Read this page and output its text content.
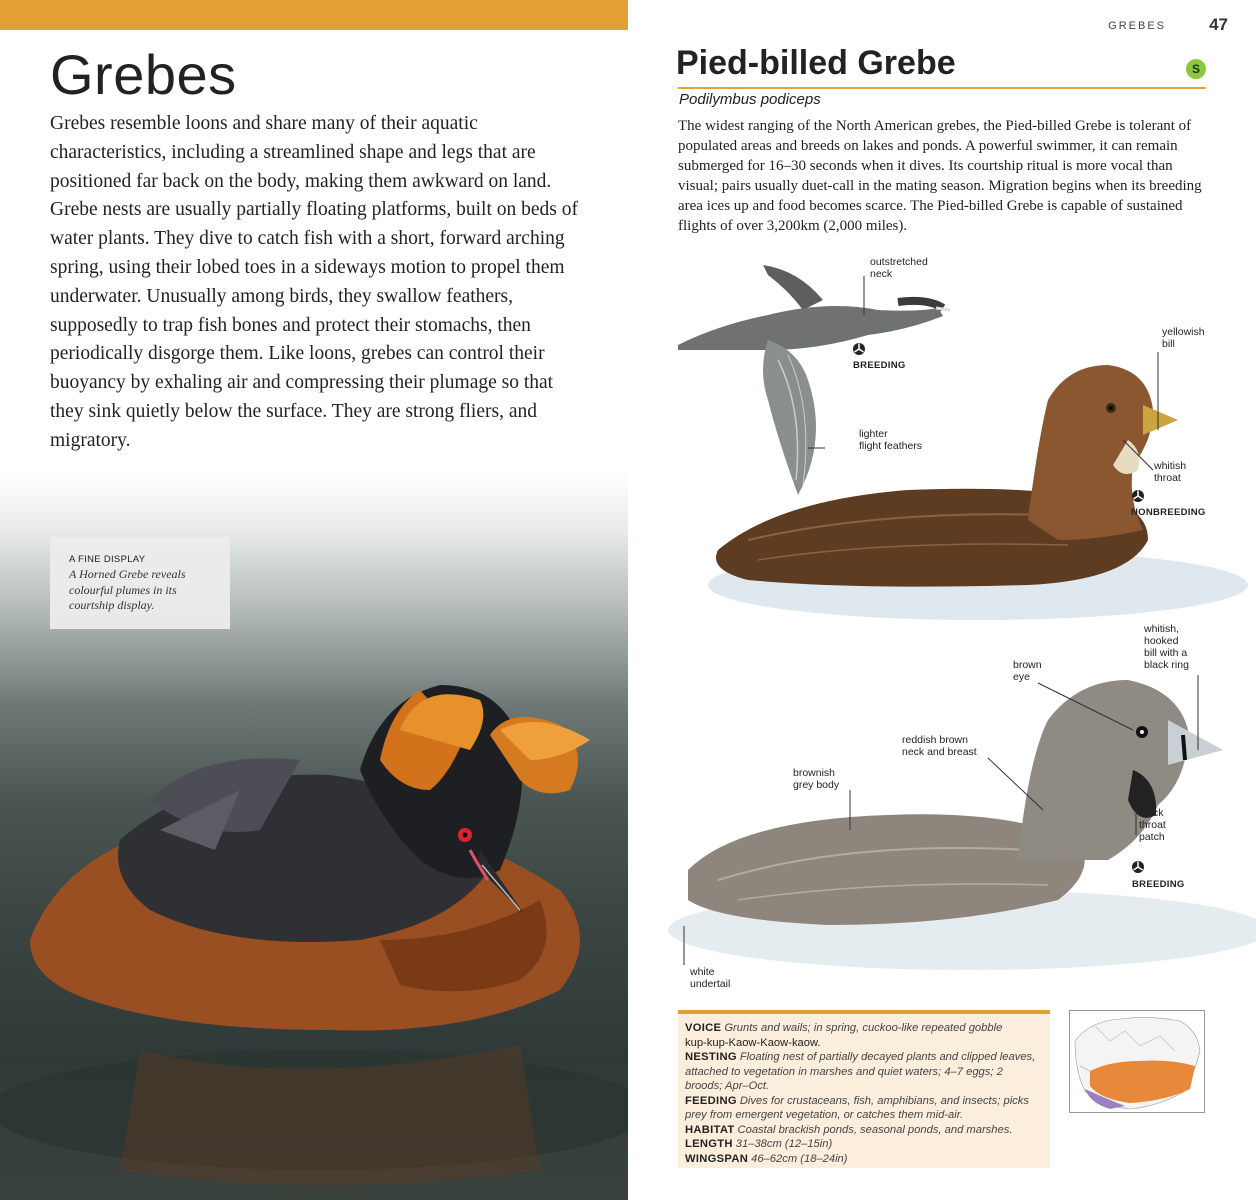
Grebes

Grebes resemble loons and share many of their aquatic characteristics, including a streamlined shape and legs that are positioned far back on the body, making them awkward on land. Grebe nests are usually partially floating platforms, built on beds of water plants. They dive to catch fish with a short, forward arching spring, using their lobed toes in a sideways motion to propel them underwater. Unusually among birds, they swallow feathers, supposedly to trap fish bones and protect their stomachs, then periodically disgorge them. Like loons, grebes can control their buoyancy by exhaling air and compressing their plumage so that they sink quietly below the surface. They are strong fliers, and migratory.

A FINE DISPLAY
A Horned Grebe reveals colourful plumes in its courtship display.
GREBES	47
Pied-billed Grebe	S
Podilymbus podiceps

The widest ranging of the North American grebes, the Pied-billed Grebe is tolerant of populated areas and breeds on lakes and ponds. A powerful swimmer, it can remain submerged for 16–30 seconds when it dives. Its courtship ritual is more vocal than visual; pairs usually duet-call in the mating season. Migration begins when its breeding area ices up and food becomes scarce. The Pied-billed Grebe is capable of sustained flights of over 3,200km (2,000 miles).

outstretched
neck
BREEDING
lighter
flight feathers
yellowish
bill
whitish
throat
NONBREEDING
whitish,
hooked
bill with a
black ring
brown
eye
reddish brown
neck and breast
brownish
grey body
black
throat
patch
BREEDING
white
undertail
VOICE Grunts and wails; in spring, cuckoo-like repeated gobble
kup-kup-Kaow-Kaow-kaow.
NESTING Floating nest of partially decayed plants and clipped leaves, attached to vegetation in marshes and quiet waters; 4–7 eggs; 2 broods; Apr–Oct.
FEEDING Dives for crustaceans, fish, amphibians, and insects; picks prey from emergent vegetation, or catches them mid-air.
HABITAT Coastal brackish ponds, seasonal ponds, and marshes.
LENGTH 31–38cm (12–15in)
WINGSPAN 46–62cm (18–24in)
